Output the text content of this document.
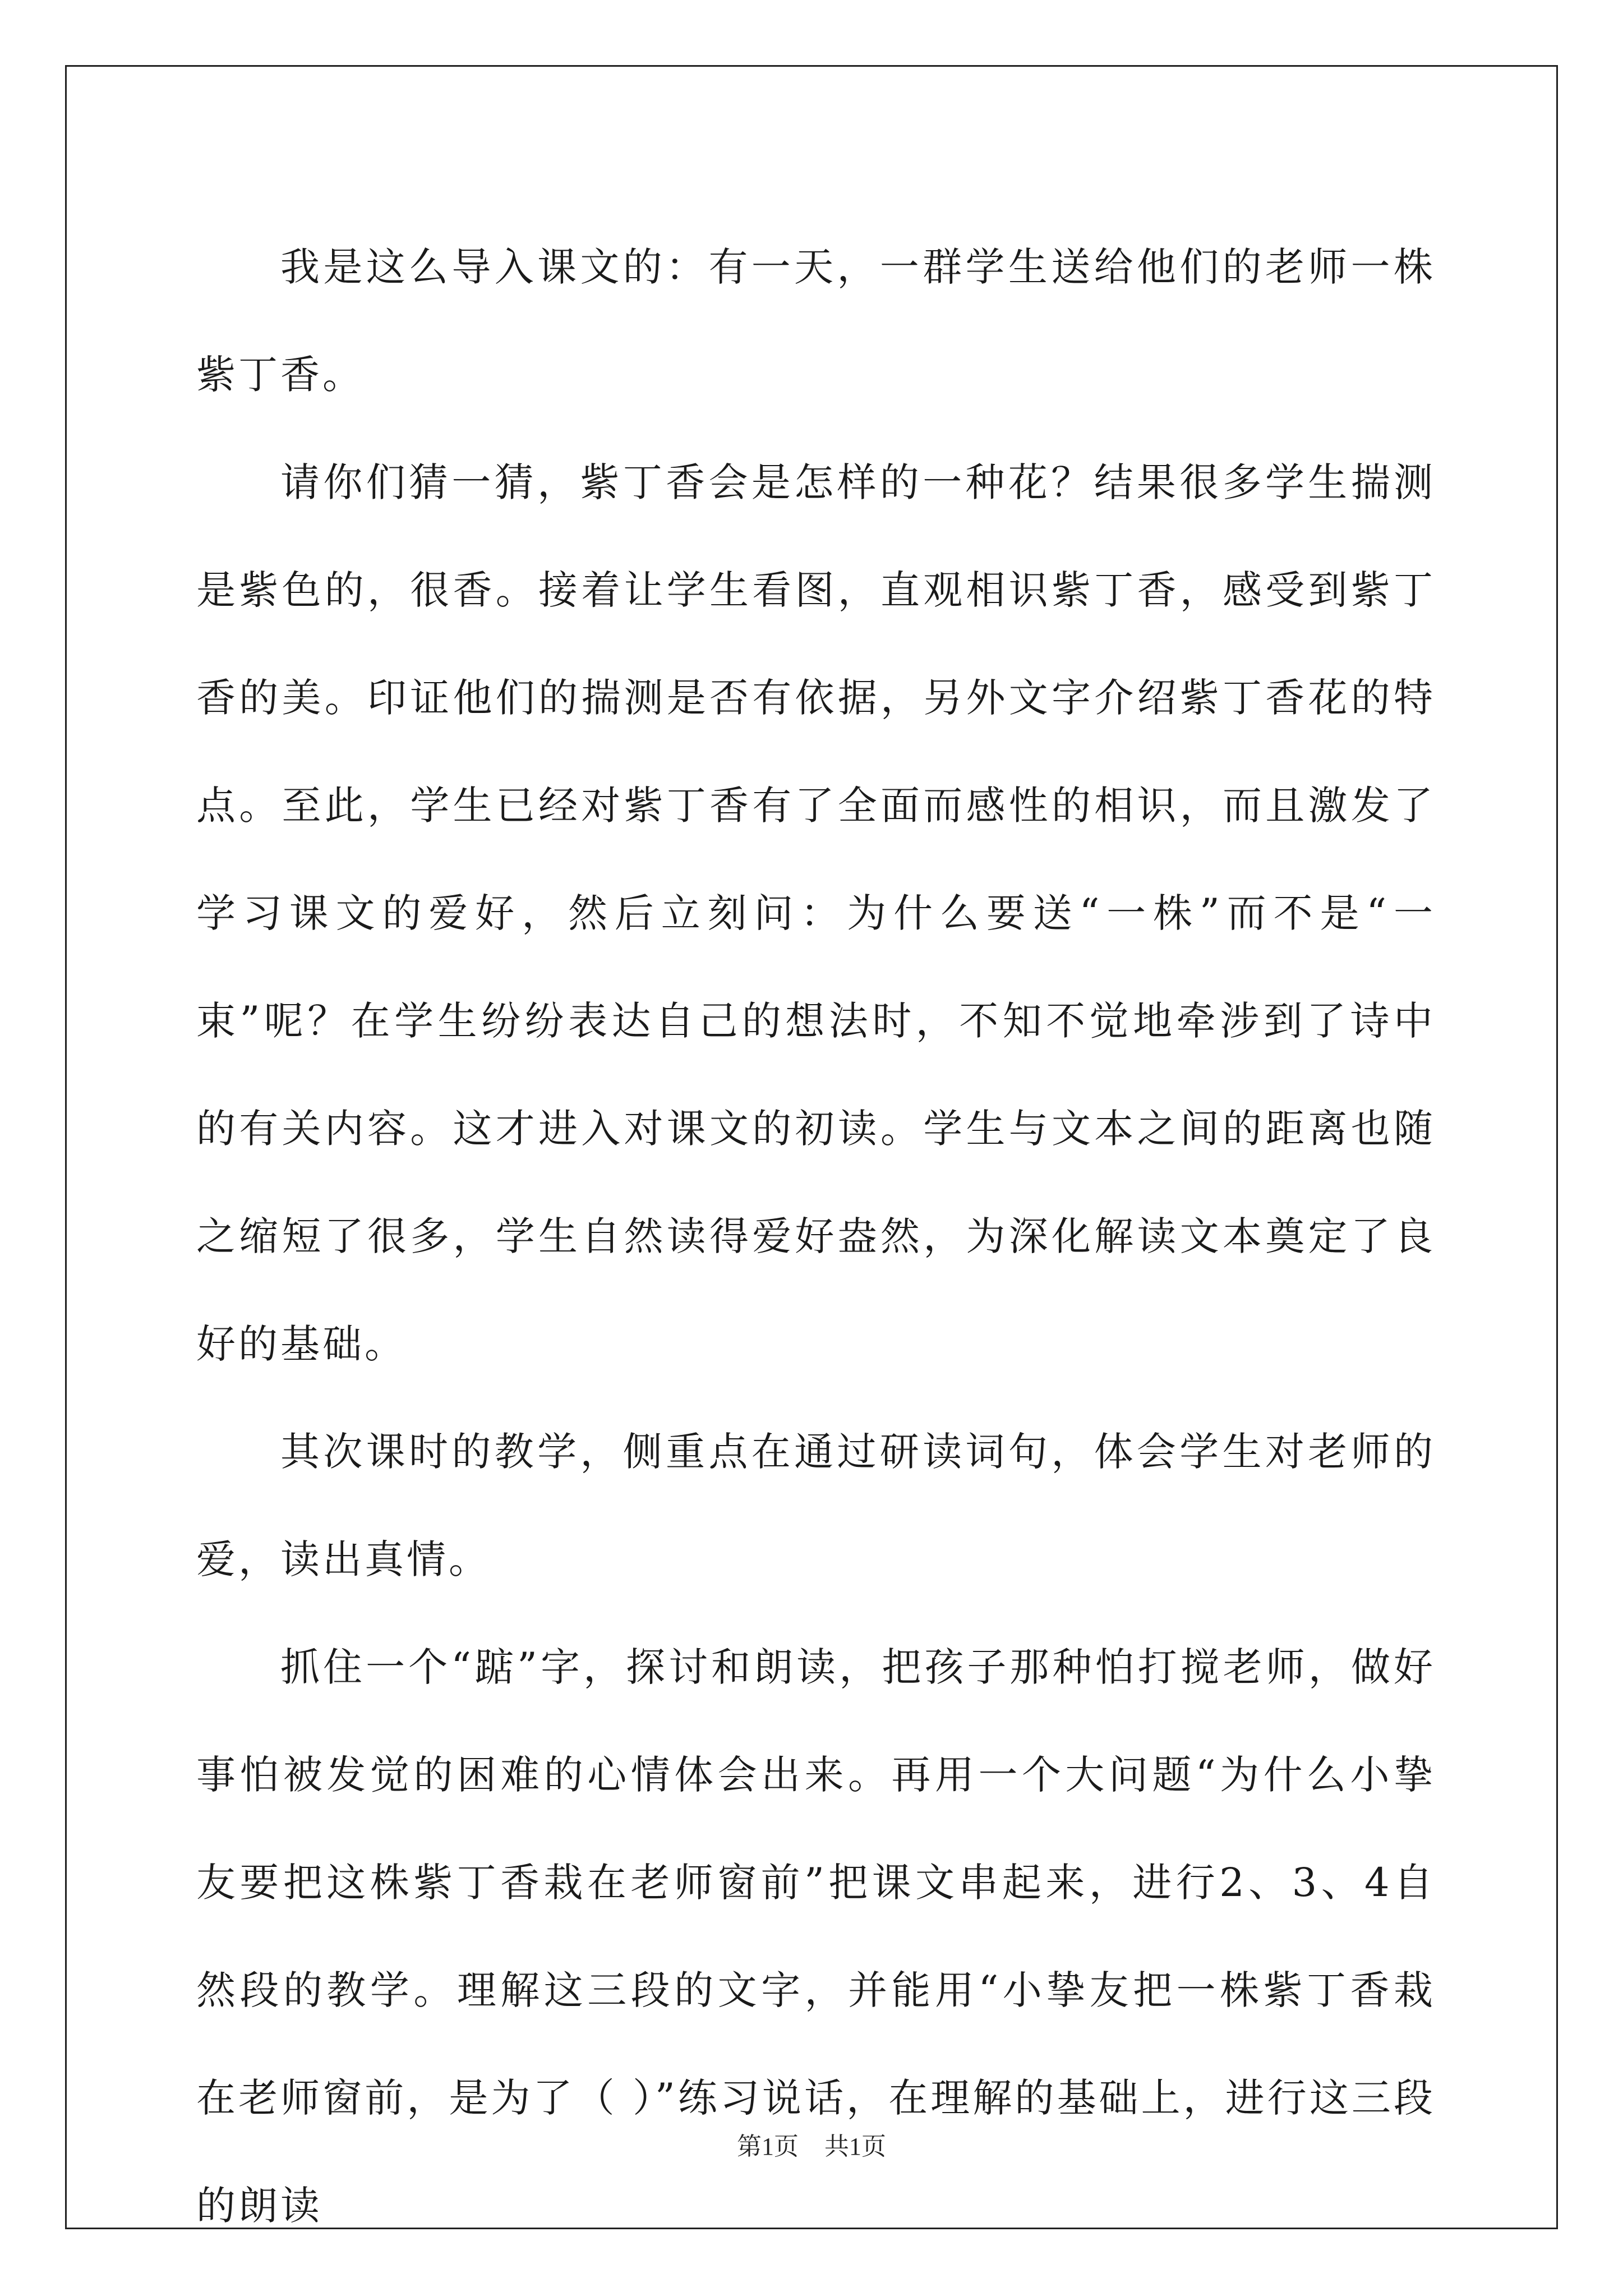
我是这么导入课文的：有一天，一群学生送给他们的老师一株紫丁香。

请你们猜一猜，紫丁香会是怎样的一种花？结果很多学生揣测是紫色的，很香。接着让学生看图，直观相识紫丁香，感受到紫丁香的美。印证他们的揣测是否有依据，另外文字介绍紫丁香花的特点。至此，学生已经对紫丁香有了全面而感性的相识，而且激发了学习课文的爱好，然后立刻问：为什么要送“一株”而不是“一束”呢？在学生纷纷表达自己的想法时，不知不觉地牵涉到了诗中的有关内容。这才进入对课文的初读。学生与文本之间的距离也随之缩短了很多，学生自然读得爱好盎然，为深化解读文本奠定了良好的基础。

其次课时的教学，侧重点在通过研读词句，体会学生对老师的爱，读出真情。

抓住一个“踮”字，探讨和朗读，把孩子那种怕打搅老师，做好事怕被发觉的困难的心情体会出来。再用一个大问题“为什么小挚友要把这株紫丁香栽在老师窗前”把课文串起来，进行2、3、4自然段的教学。理解这三段的文字，并能用“小挚友把一株紫丁香栽在老师窗前，是为了（ ）”练习说话，在理解的基础上，进行这三段的朗读

第1页 共1页
